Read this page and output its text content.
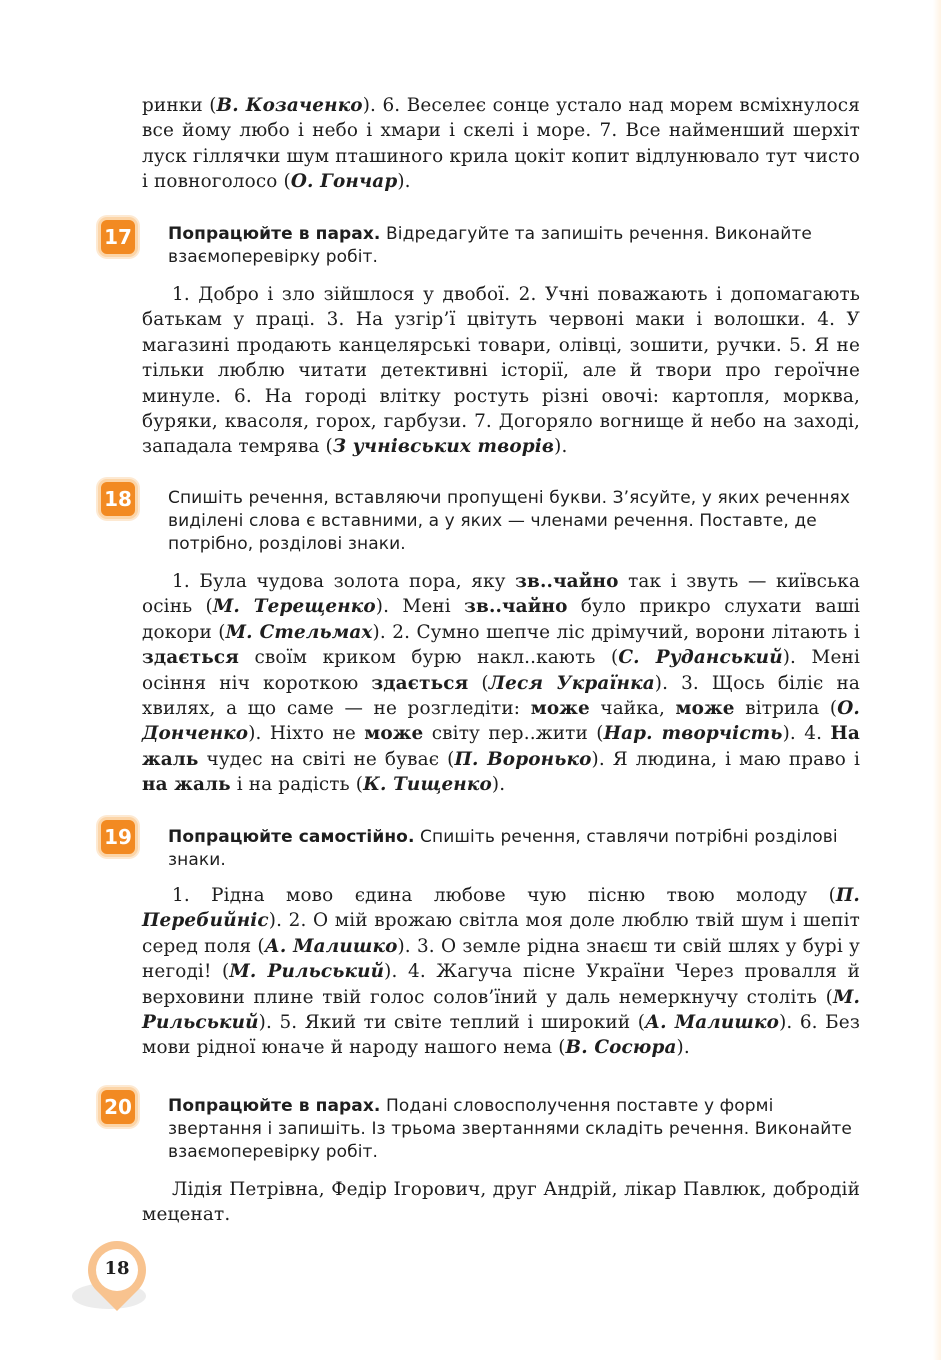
ринки (В. Козаченко). 6. Веселеє сонце устало над морем всміхнулося все йому любо і небо і хмари і скелі і море. 7. Все найменший шерхіт луск гіллячки шум пташиного крила цокіт копит відлунювало тут чисто і повноголосо (О. Гончар).

17	Попрацюйте в парах. Відредагуйте та запишіть речення. Виконайте взаємоперевірку робіт.

1. Добро і зло зійшлося у двобої. 2. Учні поважають і допомагають батькам у праці. 3. На узгір’ї цвітуть червоні маки і волошки. 4. У магазині продають канцелярські товари, олівці, зошити, ручки. 5. Я не тільки люблю читати детективні історії, але й твори про героїчне минуле. 6. На городі влітку ростуть різні овочі: картопля, морква, буряки, квасоля, горох, гарбузи. 7. Догоряло вогнище й небо на заході, западала темрява (З учнівських творів).

18	Спишіть речення, вставляючи пропущені букви. З’ясуйте, у яких реченнях виділені слова є вставними, а у яких — членами речення. Поставте, де потрібно, розділові знаки.

1. Була чудова золота пора, яку зв..чайно так і звуть — київська осінь (М. Терещенко). Мені зв..чайно було прикро слухати ваші докори (М. Стельмах). 2. Сумно шепче ліс дрімучий, ворони літають і здається своїм криком бурю накл..кають (С. Руданський). Мені осіння ніч короткою здається (Леся Українка). 3. Щось біліє на хвилях, а що саме — не розгледіти: може чайка, може вітрила (О. Донченко). Ніхто не може світу пер..жити (Нар. творчість). 4. На жаль чудес на світі не буває (П. Воронько). Я людина, і маю право і на жаль і на радість (К. Тищенко).

19	Попрацюйте самостійно. Спишіть речення, ставлячи потрібні розділові знаки.

1. Рідна мово єдина любове чую пісню твою молоду (П. Перебийніс). 2. О мій врожаю світла моя доле люблю твій шум і шепіт серед поля (А. Малишко). 3. О земле рідна знаєш ти свій шлях у бурі у негоді! (М. Рильський). 4. Жагуча пісне України Через провалля й верховини плине твій голос солов’їний у даль немеркнучу століть (М. Рильський). 5. Який ти світе теплий і широкий (А. Малишко). 6. Без мови рідної юначе й народу нашого нема (В. Сосюра).

20	Попрацюйте в парах. Подані словосполучення поставте у формі звертання і запишіть. Із трьома звертаннями складіть речення. Виконайте взаємоперевірку робіт.

Лідія Петрівна, Федір Ігорович, друг Андрій, лікар Павлюк, добродій меценат.

18
